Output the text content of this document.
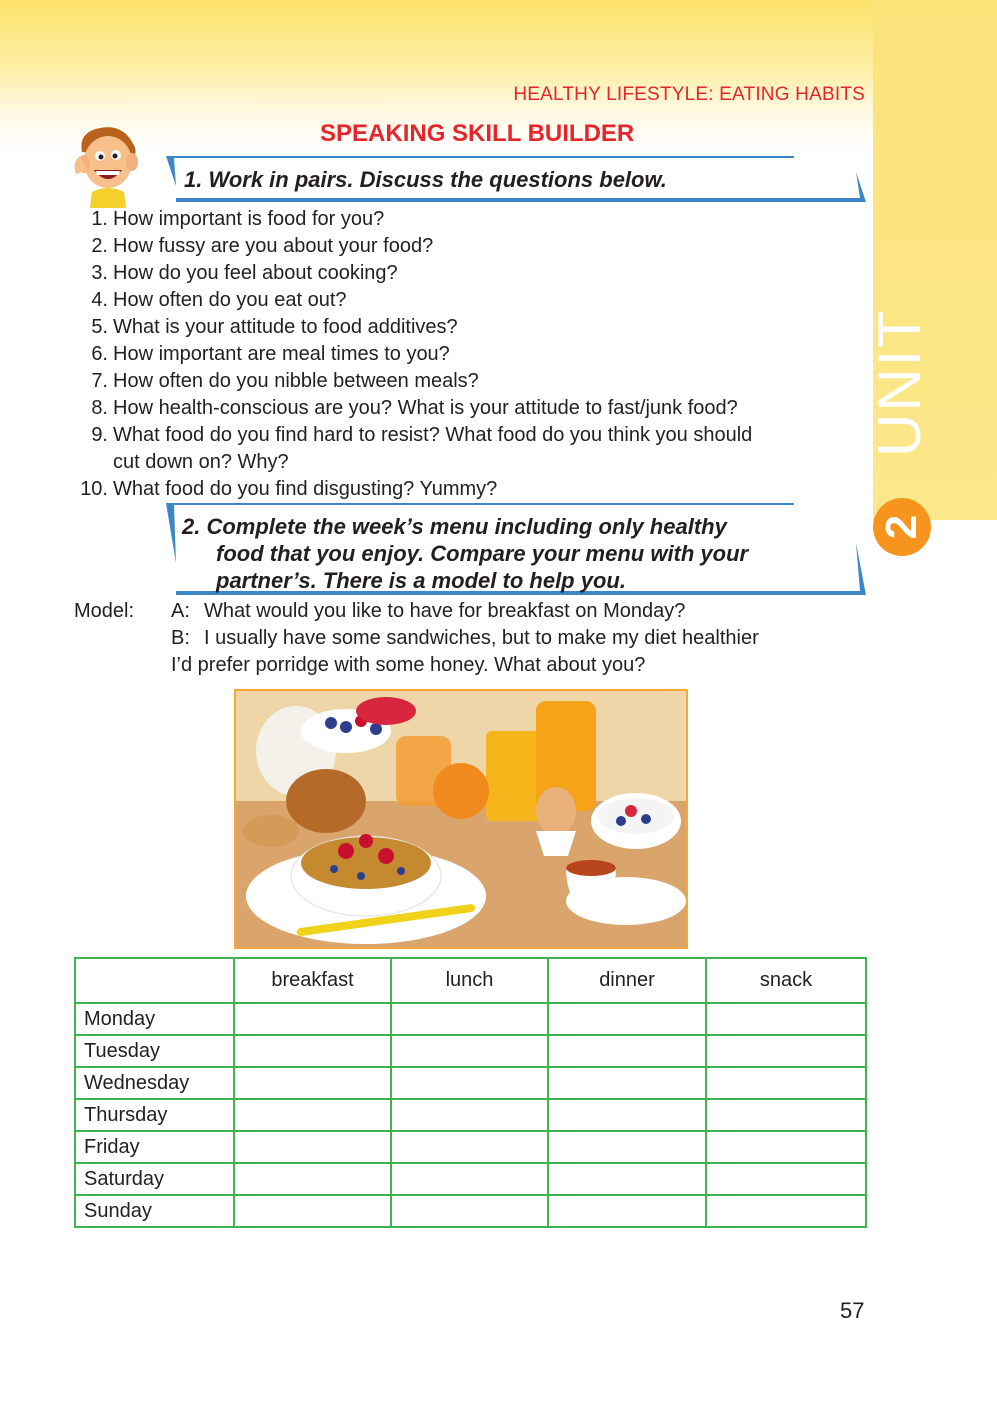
UNIT
2
HEALTHY LIFESTYLE: EATING HABITS
SPEAKING SKILL BUILDER
1. Work in pairs. Discuss the questions below.
1. How important is food for you?
2. How fussy are you about your food?
3. How do you feel about cooking?
4. How often do you eat out?
5. What is your attitude to food additives?
6. How important are meal times to you?
7. How often do you nibble between meals?
8. How health-conscious are you? What is your attitude to fast/junk food?
9. What food do you find hard to resist? What food do you think you should
cut down on? Why?
10. What food do you find disgusting? Yummy?
2. Complete the week’s menu including only healthy
food that you enjoy. Compare your menu with your
partner’s. There is a model to help you.
Model: A: What would you like to have for breakfast on Monday?
B: I usually have some sandwiches, but to make my diet healthier
I’d prefer porridge with some honey. What about you?
	breakfast	lunch	dinner	snack
Monday				
Tuesday				
Wednesday				
Thursday				
Friday				
Saturday				
Sunday				
57
